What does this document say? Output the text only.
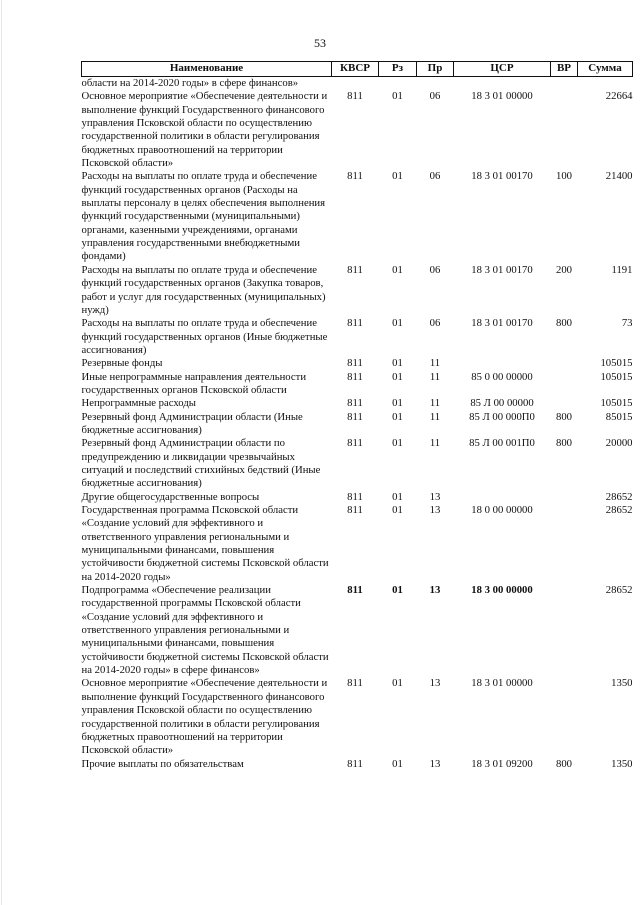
53
Наименование	КВСР	Рз	Пр	ЦСР	ВР	Сумма
области на 2014-2020 годы» в сфере финансов»						
Основное мероприятие «Обеспечение деятельности и выполнение функций Государственного финансового управления Псковской области по осуществлению государственной политики в области регулирования бюджетных правоотношений на территории Псковской области»	811	01	06	18 3 01 00000		22664
Расходы на выплаты по оплате труда и обеспечение функций государственных органов (Расходы на выплаты персоналу в целях обеспечения выполнения функций государственными (муниципальными) органами, казенными учреждениями, органами управления государственными внебюджетными фондами)	811	01	06	18 3 01 00170	100	21400
Расходы на выплаты по оплате труда и обеспечение функций государственных органов (Закупка товаров, работ и услуг для государственных (муниципальных) нужд)	811	01	06	18 3 01 00170	200	1191
Расходы на выплаты по оплате труда и обеспечение функций государственных органов (Иные бюджетные ассигнования)	811	01	06	18 3 01 00170	800	73
Резервные фонды	811	01	11			105015
Иные непрограммные направления деятельности государственных органов Псковской области	811	01	11	85 0 00 00000		105015
Непрограммные расходы	811	01	11	85 Л 00 00000		105015
Резервный фонд Администрации области (Иные бюджетные ассигнования)	811	01	11	85 Л 00 000П0	800	85015
Резервный фонд Администрации области по предупреждению и ликвидации чрезвычайных ситуаций и последствий стихийных бедствий (Иные бюджетные ассигнования)	811	01	11	85 Л 00 001П0	800	20000
Другие общегосударственные вопросы	811	01	13			28652
Государственная программа Псковской области «Создание условий для эффективного и ответственного управления региональными и муниципальными финансами, повышения устойчивости бюджетной системы Псковской области на 2014-2020 годы»	811	01	13	18 0 00 00000		28652
Подпрограмма «Обеспечение реализации государственной программы Псковской области «Создание условий для эффективного и ответственного управления региональными и муниципальными финансами, повышения устойчивости бюджетной системы Псковской области на 2014-2020 годы» в сфере финансов»	811	01	13	18 3 00 00000		28652
Основное мероприятие «Обеспечение деятельности и выполнение функций Государственного финансового управления Псковской области по осуществлению государственной политики в области регулирования бюджетных правоотношений на территории Псковской области»	811	01	13	18 3 01 00000		1350
Прочие выплаты по обязательствам	811	01	13	18 3 01 09200	800	1350
